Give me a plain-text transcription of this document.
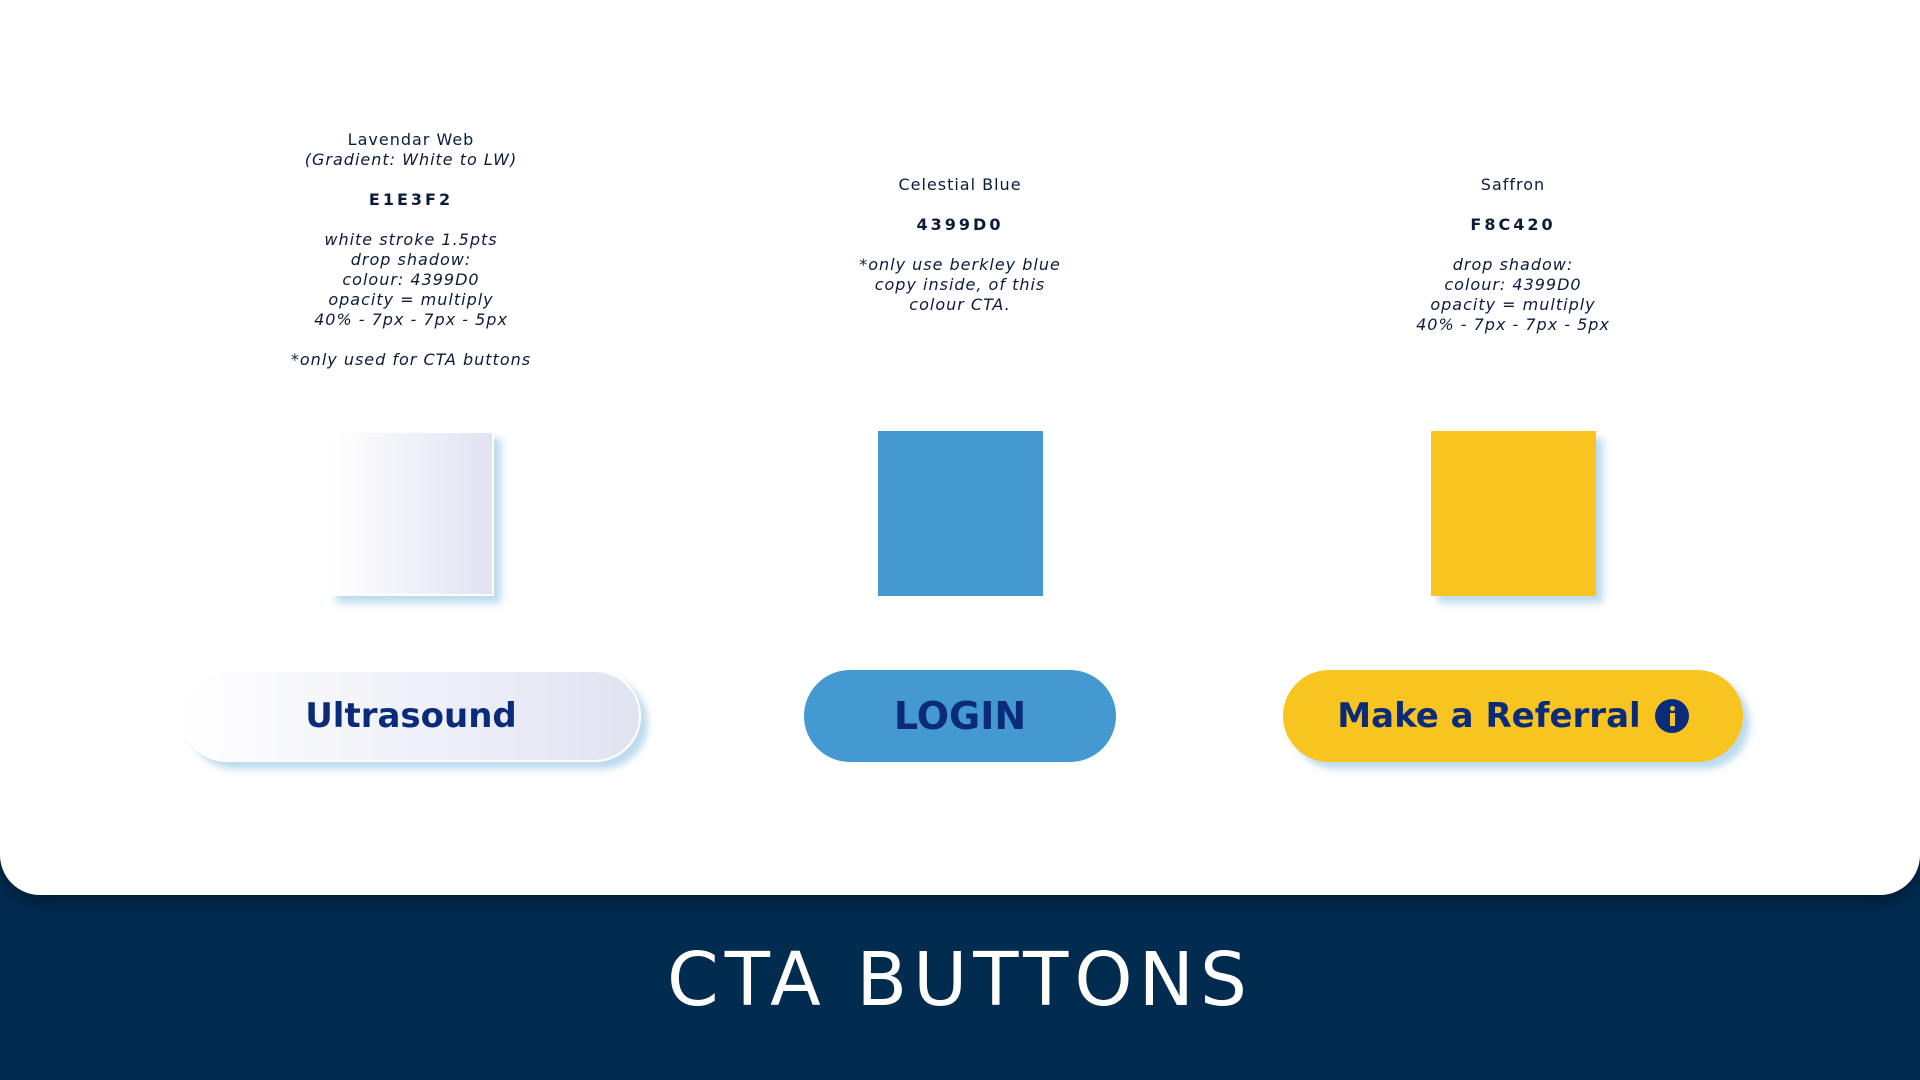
Lavendar Web
(Gradient: White to LW)
E1E3F2
white stroke 1.5pts
drop shadow:
colour: 4399D0
opacity = multiply
40% - 7px - 7px - 5px
*only used for CTA buttons
Ultrasound
Celestial Blue
4399D0
*only use berkley blue
copy inside, of this
colour CTA.
LOGIN
Saffron
F8C420
drop shadow:
colour: 4399D0
opacity = multiply
40% - 7px - 7px - 5px
Make a Referral
CTA BUTTONS
